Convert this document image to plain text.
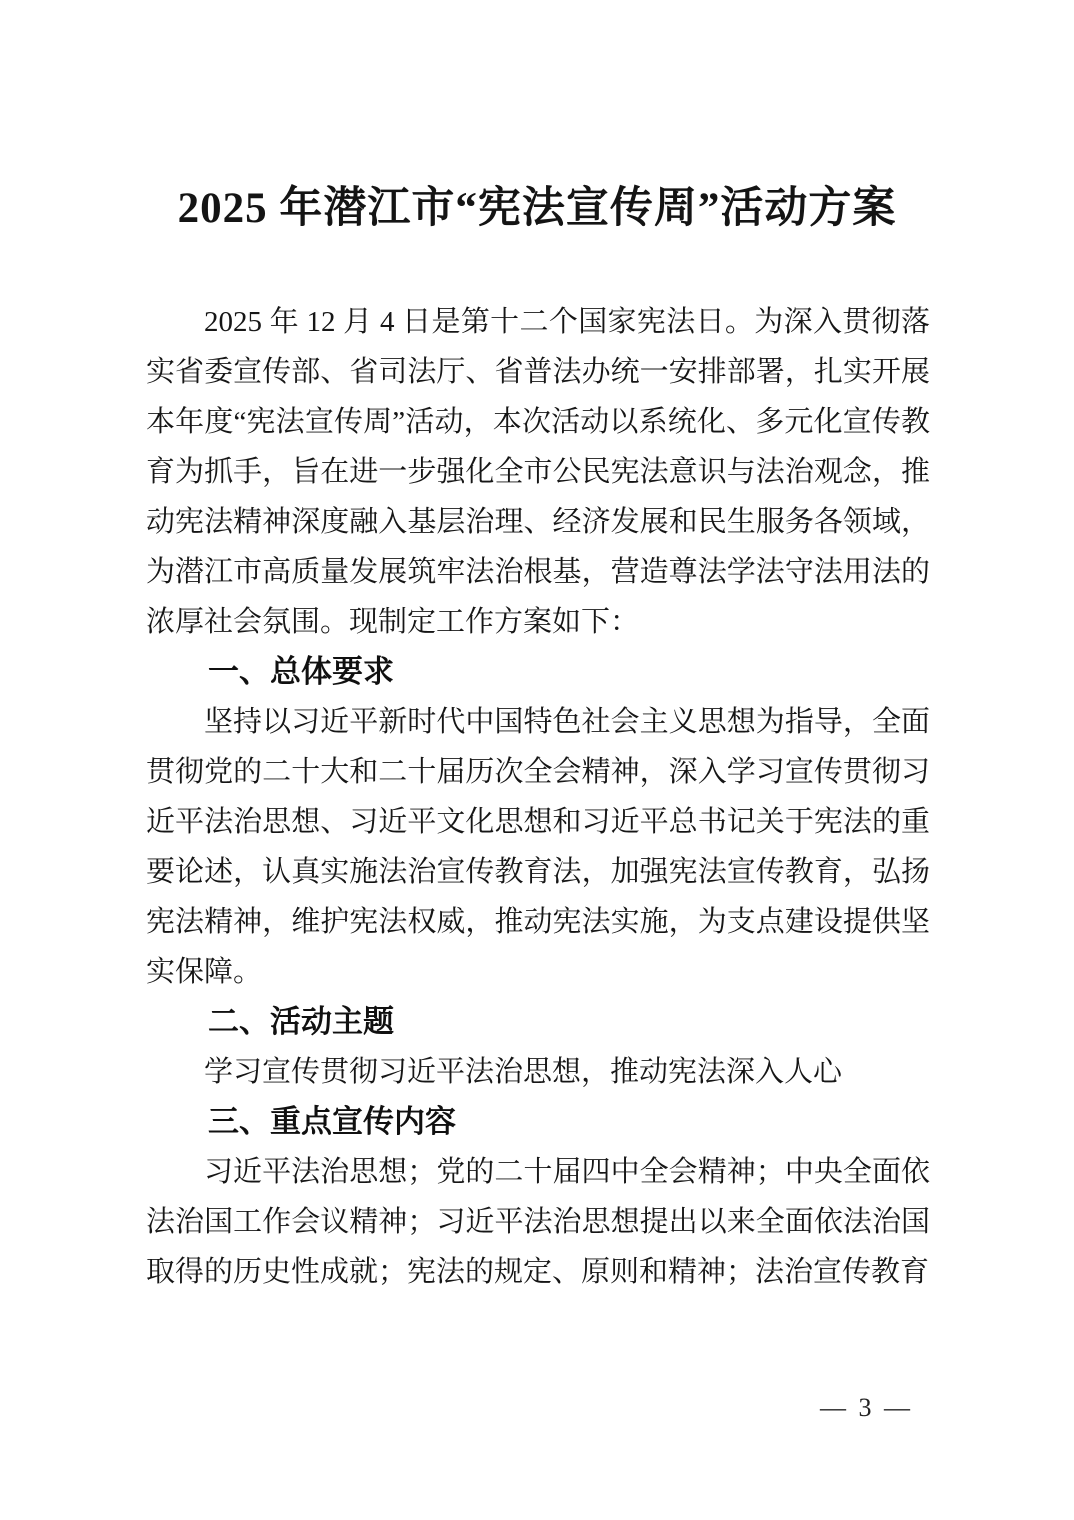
2025 年潜江市“宪法宣传周”活动方案

2025 年 12 月 4 日是第十二个国家宪法日。为深入贯彻落实省委宣传部、省司法厅、省普法办统一安排部署，扎实开展本年度“宪法宣传周”活动，本次活动以系统化、多元化宣传教育为抓手，旨在进一步强化全市公民宪法意识与法治观念，推动宪法精神深度融入基层治理、经济发展和民生服务各领域，为潜江市高质量发展筑牢法治根基，营造尊法学法守法用法的浓厚社会氛围。现制定工作方案如下：

一、总体要求

坚持以习近平新时代中国特色社会主义思想为指导，全面贯彻党的二十大和二十届历次全会精神，深入学习宣传贯彻习近平法治思想、习近平文化思想和习近平总书记关于宪法的重要论述，认真实施法治宣传教育法，加强宪法宣传教育，弘扬宪法精神，维护宪法权威，推动宪法实施，为支点建设提供坚实保障。

二、活动主题

学习宣传贯彻习近平法治思想，推动宪法深入人心

三、重点宣传内容

习近平法治思想；党的二十届四中全会精神；中央全面依法治国工作会议精神；习近平法治思想提出以来全面依法治国取得的历史性成就；宪法的规定、原则和精神；法治宣传教育

— 3 —
